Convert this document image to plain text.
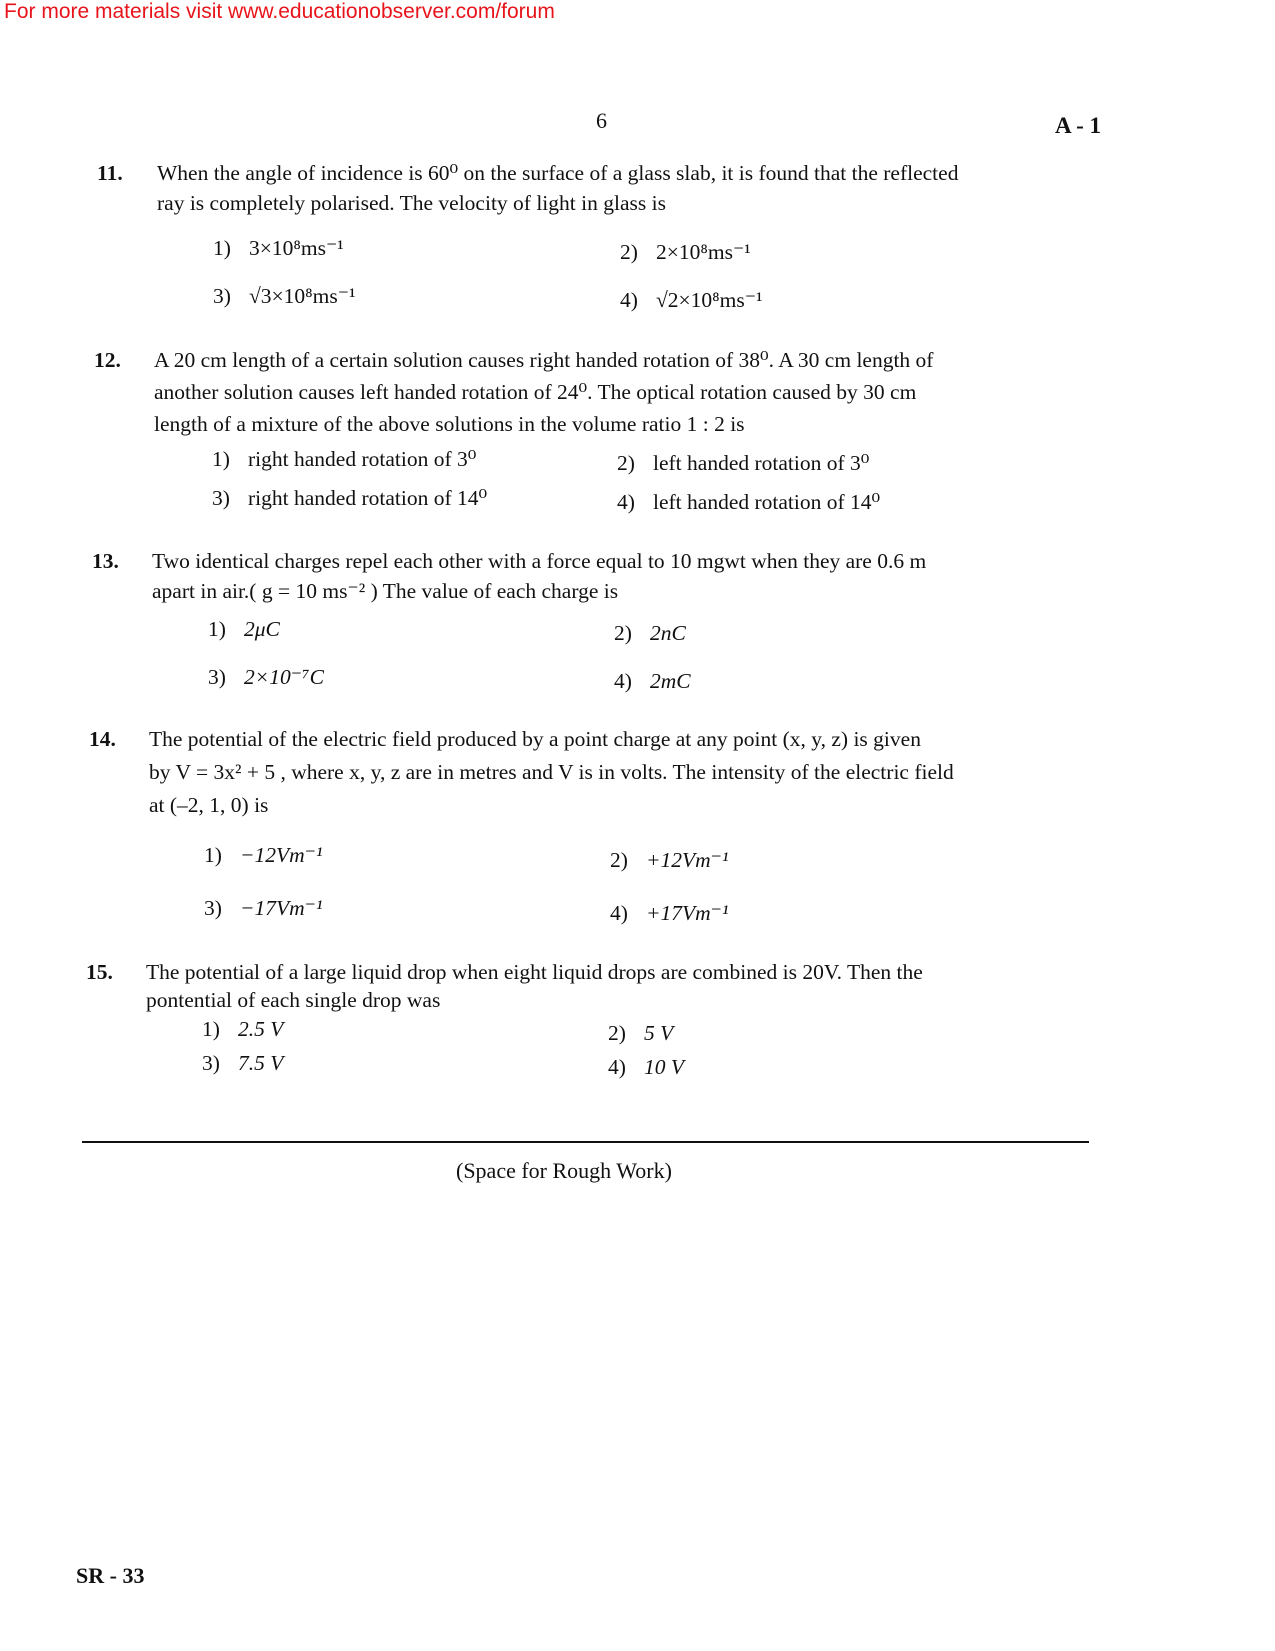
For more materials visit www.educationobserver.com/forum
6	A - 1
11. When the angle of incidence is 60⁰ on the surface of a glass slab, it is found that the reflected
ray is completely polarised. The velocity of light in glass is
1) 3×10⁸ms⁻¹	2) 2×10⁸ms⁻¹
3) √3×10⁸ms⁻¹	4) √2×10⁸ms⁻¹
12. A 20 cm length of a certain solution causes right handed rotation of 38⁰. A 30 cm length of
another solution causes left handed rotation of 24⁰. The optical rotation caused by 30 cm
length of a mixture of the above solutions in the volume ratio 1 : 2 is
1) right handed rotation of 3⁰	2) left handed rotation of 3⁰
3) right handed rotation of 14⁰	4) left handed rotation of 14⁰
13. Two identical charges repel each other with a force equal to 10 mgwt when they are 0.6 m
apart in air.( g = 10 ms⁻² ) The value of each charge is
1) 2μC	2) 2nC
3) 2×10⁻⁷C	4) 2mC
14. The potential of the electric field produced by a point charge at any point (x, y, z) is given
by V = 3x² + 5 , where x, y, z are in metres and V is in volts. The intensity of the electric field
at (–2, 1, 0) is
1) −12Vm⁻¹	2) +12Vm⁻¹
3) −17Vm⁻¹	4) +17Vm⁻¹
15. The potential of a large liquid drop when eight liquid drops are combined is 20V. Then the
pontential of each single drop was
1) 2.5 V	2) 5 V
3) 7.5 V	4) 10 V
(Space for Rough Work)
SR - 33
